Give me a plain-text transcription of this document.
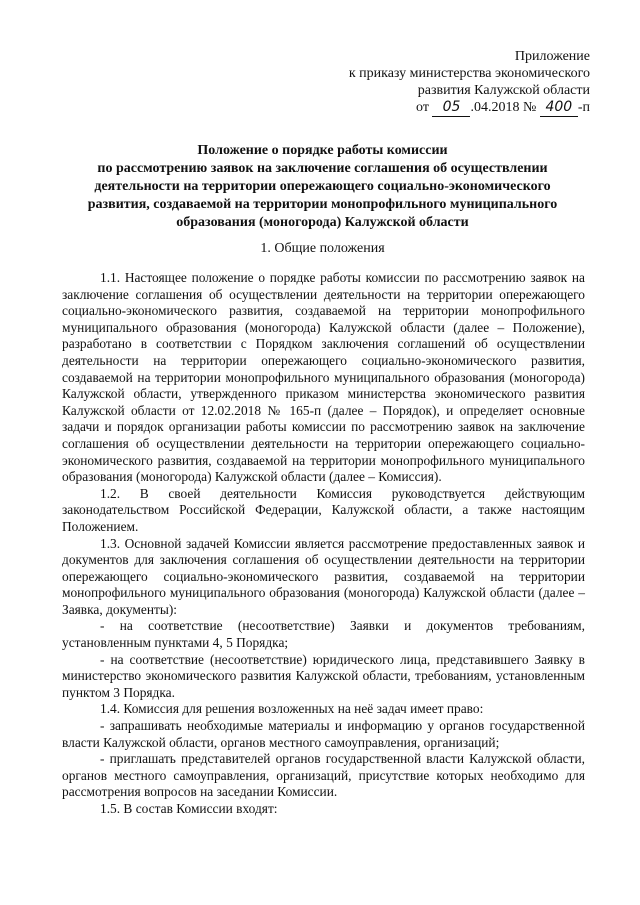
Приложение
к приказу министерства экономического
развития Калужской области
от 05 .04.2018 № 400 -п
Положение о порядке работы комиссии
по рассмотрению заявок на заключение соглашения об осуществлении
деятельности на территории опережающего социально-экономического
развития, создаваемой на территории монопрофильного муниципального
образования (моногорода) Калужской области
1. Общие положения

1.1. Настоящее положение о порядке работы комиссии по рассмотрению заявок на заключение соглашения об осуществлении деятельности на территории опережающего социально-экономического развития, создаваемой на территории монопрофильного муниципального образования (моногорода) Калужской области (далее – Положение), разработано в соответствии с Порядком заключения соглашений об осуществлении деятельности на территории опережающего социально-экономического развития, создаваемой на территории монопрофильного муниципального образования (моногорода) Калужской области, утвержденного приказом министерства экономического развития Калужской области от 12.02.2018 № 165-п (далее – Порядок), и определяет основные задачи и порядок организации работы комиссии по рассмотрению заявок на заключение соглашения об осуществлении деятельности на территории опережающего социально-экономического развития, создаваемой на территории монопрофильного муниципального образования (моногорода) Калужской области (далее – Комиссия).

1.2. В своей деятельности Комиссия руководствуется действующим законодательством Российской Федерации, Калужской области, а также настоящим Положением.

1.3. Основной задачей Комиссии является рассмотрение предоставленных заявок и документов для заключения соглашения об осуществлении деятельности на территории опережающего социально-экономического развития, создаваемой на территории монопрофильного муниципального образования (моногорода) Калужской области (далее – Заявка, документы):

- на соответствие (несоответствие) Заявки и документов требованиям, установленным пунктами 4, 5 Порядка;

- на соответствие (несоответствие) юридического лица, представившего Заявку в министерство экономического развития Калужской области, требованиям, установленным пунктом 3 Порядка.

1.4. Комиссия для решения возложенных на неё задач имеет право:

- запрашивать необходимые материалы и информацию у органов государственной власти Калужской области, органов местного самоуправления, организаций;

- приглашать представителей органов государственной власти Калужской области, органов местного самоуправления, организаций, присутствие которых необходимо для рассмотрения вопросов на заседании Комиссии.

1.5. В состав Комиссии входят:
